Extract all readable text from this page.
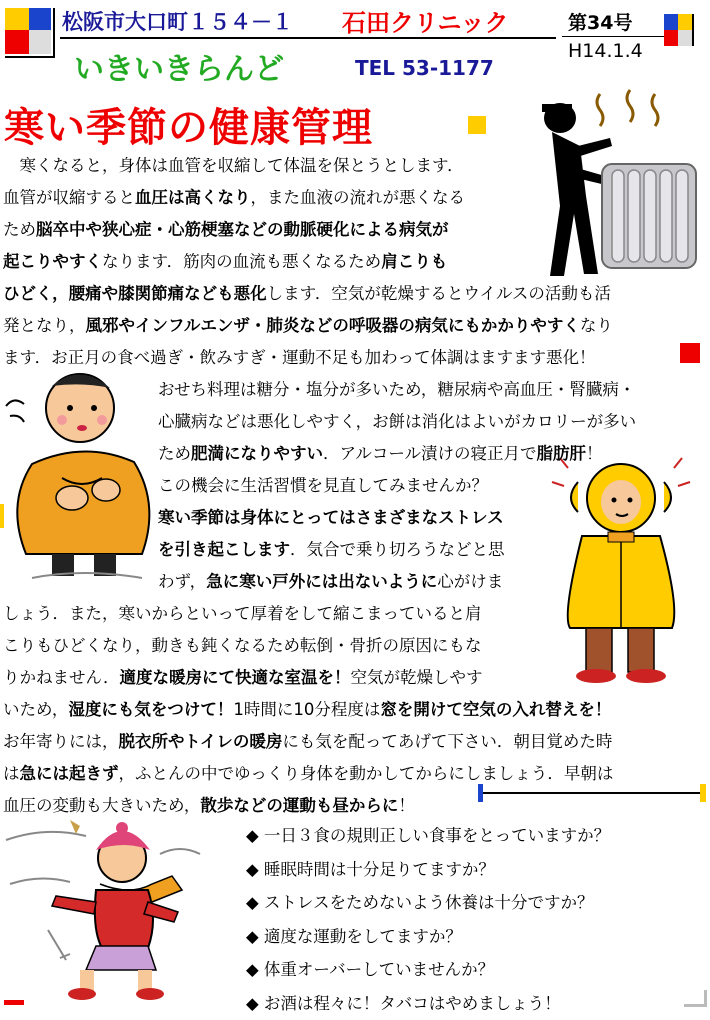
松阪市大口町１５４－１ 石田クリニック	第34号
H14.1.4
いきいきらんど	TEL 53-1177
寒い季節の健康管理
　寒くなると，身体は血管を収縮して体温を保とうとします．
血管が収縮すると血圧は高くなり，また血液の流れが悪くなる
ため脳卒中や狭心症・心筋梗塞などの動脈硬化による病気が
起こりやすくなります．筋肉の血流も悪くなるため肩こりも
ひどく，腰痛や膝関節痛なども悪化します．空気が乾燥するとウイルスの活動も活
発となり，風邪やインフルエンザ・肺炎などの呼吸器の病気にもかかりやすくなり
ます．お正月の食べ過ぎ・飲みすぎ・運動不足も加わって体調はますます悪化！
おせち料理は糖分・塩分が多いため，糖尿病や高血圧・腎臓病・
心臓病などは悪化しやすく，お餅は消化はよいがカロリーが多い
ため肥満になりやすい．アルコール漬けの寝正月で脂肪肝！
この機会に生活習慣を見直してみませんか？
寒い季節は身体にとってはさまざまなストレス
を引き起こします．気合で乗り切ろうなどと思
わず，急に寒い戸外には出ないように心がけま
しょう．また，寒いからといって厚着をして縮こまっていると肩
こりもひどくなり，動きも鈍くなるため転倒・骨折の原因にもな
りかねません．適度な暖房にて快適な室温を！空気が乾燥しやす
いため，湿度にも気をつけて！1時間に10分程度は窓を開けて空気の入れ替えを！
お年寄りには，脱衣所やトイレの暖房にも気を配ってあげて下さい．朝目覚めた時
は急には起きず，ふとんの中でゆっくり身体を動かしてからにしましょう．早朝は
血圧の変動も大きいため，散歩などの運動も昼からに！
◆ 一日３食の規則正しい食事をとっていますか？
◆ 睡眠時間は十分足りてますか？
◆ ストレスをためないよう休養は十分ですか？
◆ 適度な運動をしてますか？
◆ 体重オーバーしていませんか？
◆ お酒は程々に！タバコはやめましょう！
